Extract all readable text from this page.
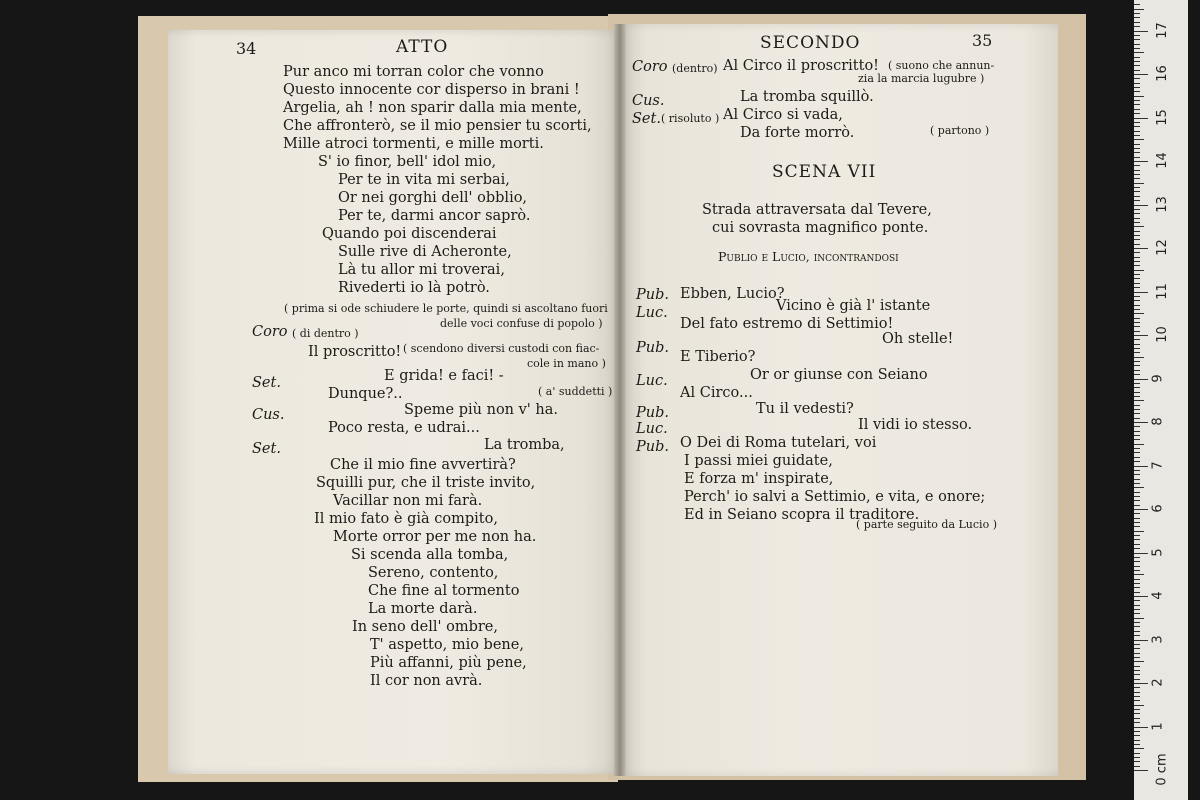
34	ATTO
Pur anco mi torran color che vonno
Questo innocente cor disperso in brani !
Argelia, ah ! non sparir dalla mia mente,
Che affronterò, se il mio pensier tu scorti,
Mille atroci tormenti, e mille morti.
S' io finor, bell' idol mio,
Per te in vita mi serbai,
Or nei gorghi dell' obblio,
Per te, darmi ancor saprò.
Quando poi discenderai
Sulle rive di Acheronte,
Là tu allor mi troverai,
Rivederti io là potrò.
( prima si ode schiudere le porte, quindi si ascoltano fuori
delle voci confuse di popolo )
Coro ( di dentro )
Il proscritto! ( scendono diversi custodi con fiac-
cole in mano )
Set.	E grida! e faci! -
Dunque?..	( a' suddetti )
Cus.	Speme più non v' ha.
Poco resta, e udrai...
Set.	La tromba,
Che il mio fine avvertirà?
Squilli pur, che il triste invito,
Vacillar non mi farà.
Il mio fato è già compito,
Morte orror per me non ha.
Si scenda alla tomba,
Sereno, contento,
Che fine al tormento
La morte darà.
In seno dell' ombre,
T' aspetto, mio bene,
Più affanni, più pene,
Il cor non avrà.
SECONDO	35
Coro (dentro) Al Circo il proscritto! ( suono che annun-
zia la marcia lugubre )
Cus.	La tromba squillò.
Set. ( risoluto ) Al Circo si vada,
Da forte morrò.	( partono )
SCENA VII
Strada attraversata dal Tevere,
cui sovrasta magnifico ponte.
Publio e Lucio, incontrandosi
Pub. Ebben, Lucio?
Luc.	Vicino è già l' istante
Del fato estremo di Settimio!
Pub.
Oh stelle!
E Tiberio?
Luc.	Or or giunse con Seiano
Al Circo...
Pub.	Tu il vedesti?
Luc.	Il vidi io stesso.
Pub. O Dei di Roma tutelari, voi
I passi miei guidate,
E forza m' inspirate,
Perch' io salvi a Settimio, e vita, e onore;
Ed in Seiano scopra il traditore.
( parte seguito da Lucio )
0 cm
1
2
3
4
5
6
7
8
9
10
11
12
13
14
15
16
17
